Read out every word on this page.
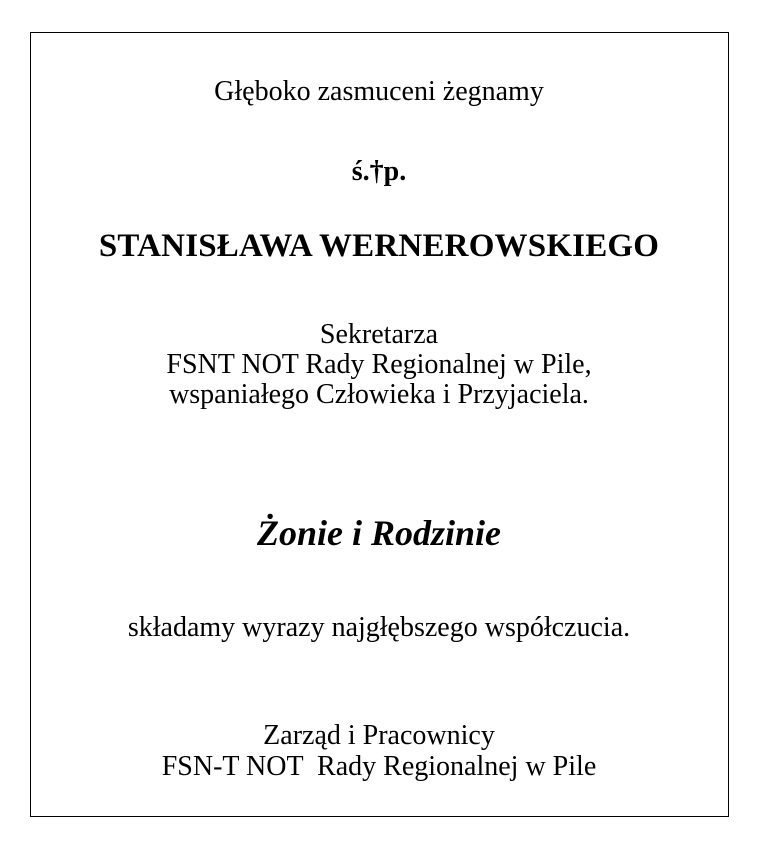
Głęboko zasmuceni żegnamy
ś.†p.
STANISŁAWA WERNEROWSKIEGO
Sekretarza
FSNT NOT Rady Regionalnej w Pile,
wspaniałego Człowieka i Przyjaciela.
Żonie i Rodzinie
składamy wyrazy najgłębszego współczucia.
Zarząd i Pracownicy
FSN-T NOT  Rady Regionalnej w Pile
